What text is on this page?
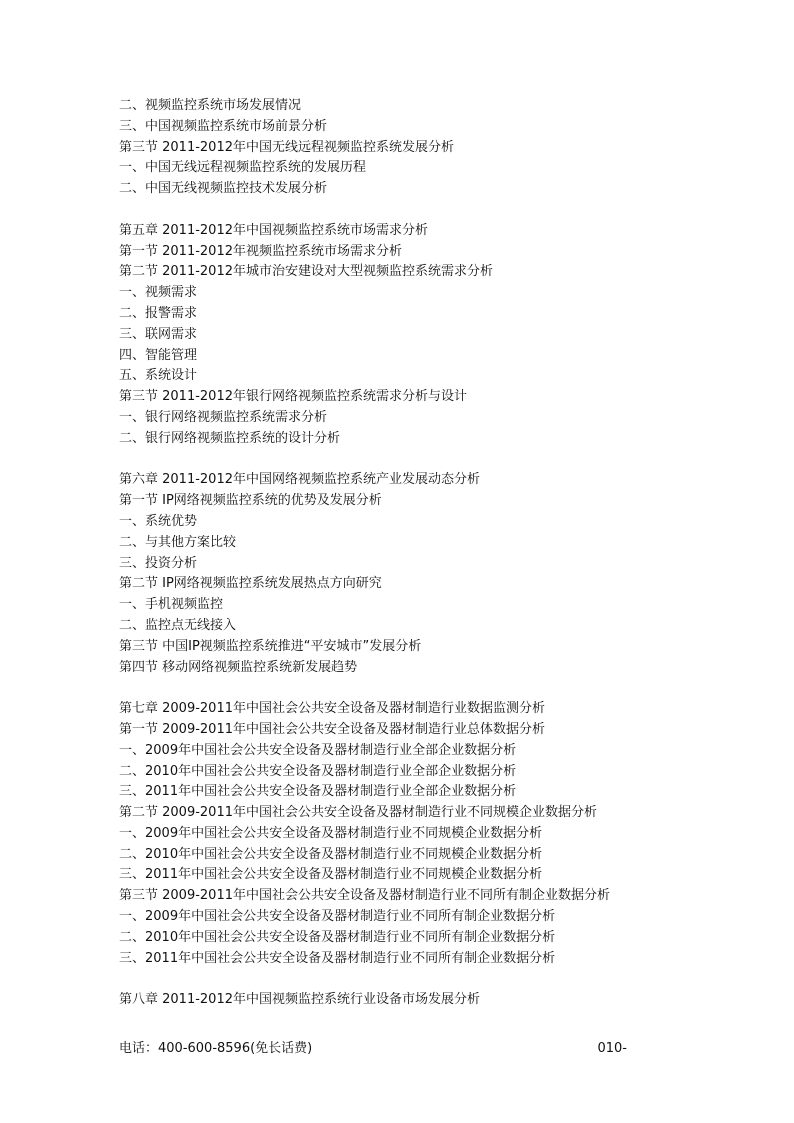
二、视频监控系统市场发展情况
三、中国视频监控系统市场前景分析
第三节 2011-2012年中国无线远程视频监控系统发展分析
一、中国无线远程视频监控系统的发展历程
二、中国无线视频监控技术发展分析
第五章 2011-2012年中国视频监控系统市场需求分析
第一节 2011-2012年视频监控系统市场需求分析
第二节 2011-2012年城市治安建设对大型视频监控系统需求分析
一、视频需求
二、报警需求
三、联网需求
四、智能管理
五、系统设计
第三节 2011-2012年银行网络视频监控系统需求分析与设计
一、银行网络视频监控系统需求分析
二、银行网络视频监控系统的设计分析
第六章 2011-2012年中国网络视频监控系统产业发展动态分析
第一节 IP网络视频监控系统的优势及发展分析
一、系统优势
二、与其他方案比较
三、投资分析
第二节 IP网络视频监控系统发展热点方向研究
一、手机视频监控
二、监控点无线接入
第三节 中国IP视频监控系统推进“平安城市”发展分析
第四节 移动网络视频监控系统新发展趋势
第七章 2009-2011年中国社会公共安全设备及器材制造行业数据监测分析
第一节 2009-2011年中国社会公共安全设备及器材制造行业总体数据分析
一、2009年中国社会公共安全设备及器材制造行业全部企业数据分析
二、2010年中国社会公共安全设备及器材制造行业全部企业数据分析
三、2011年中国社会公共安全设备及器材制造行业全部企业数据分析
第二节 2009-2011年中国社会公共安全设备及器材制造行业不同规模企业数据分析
一、2009年中国社会公共安全设备及器材制造行业不同规模企业数据分析
二、2010年中国社会公共安全设备及器材制造行业不同规模企业数据分析
三、2011年中国社会公共安全设备及器材制造行业不同规模企业数据分析
第三节 2009-2011年中国社会公共安全设备及器材制造行业不同所有制企业数据分析
一、2009年中国社会公共安全设备及器材制造行业不同所有制企业数据分析
二、2010年中国社会公共安全设备及器材制造行业不同所有制企业数据分析
三、2011年中国社会公共安全设备及器材制造行业不同所有制企业数据分析
第八章 2011-2012年中国视频监控系统行业设备市场发展分析
电话：400-600-8596(免长话费)	010-
